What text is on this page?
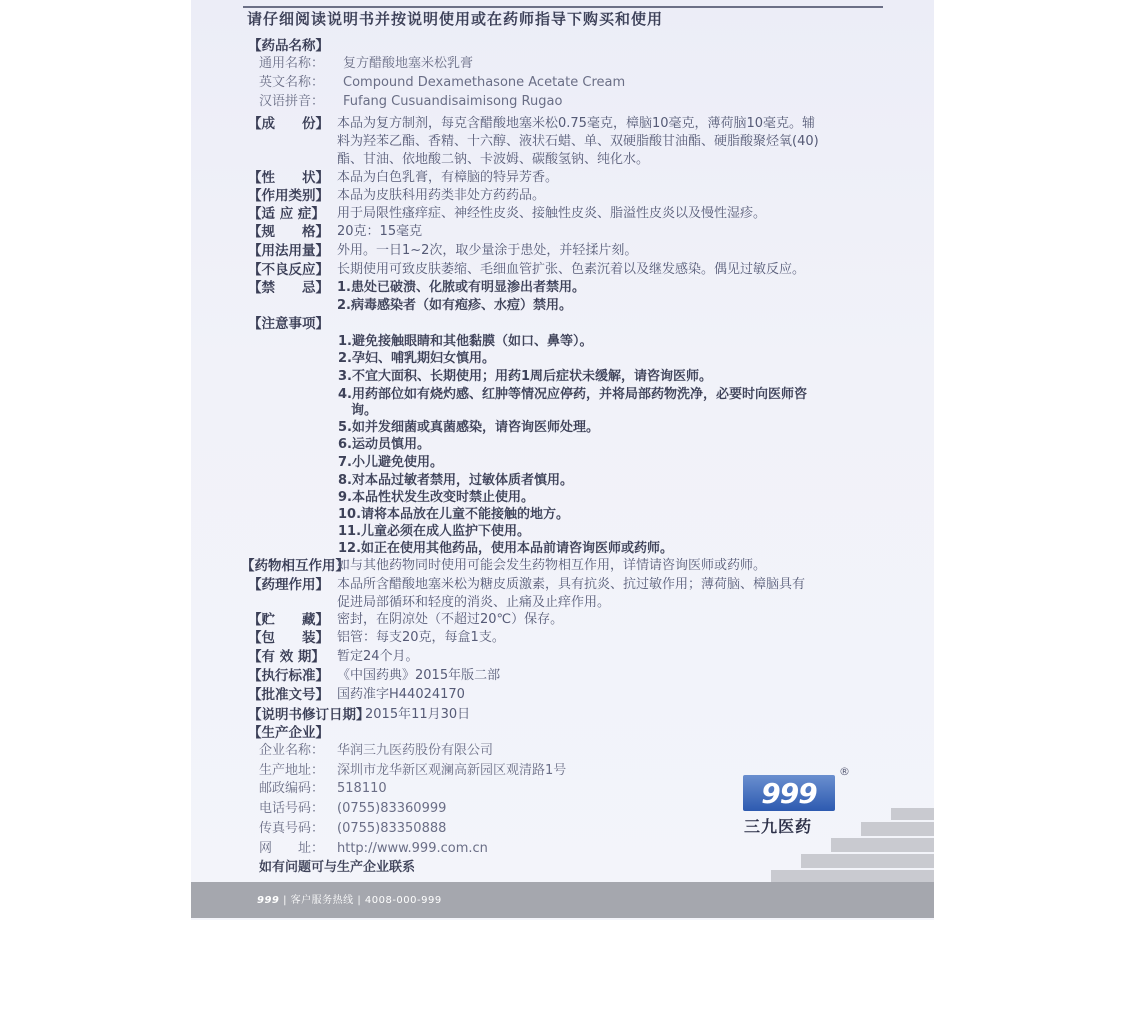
请仔细阅读说明书并按说明使用或在药师指导下购买和使用
【药品名称】
通用名称： 复方醋酸地塞米松乳膏
英文名称： Compound Dexamethasone Acetate Cream
汉语拼音： Fufang Cusuandisaimisong Rugao
【成　　份】 本品为复方制剂，每克含醋酸地塞米松0.75毫克，樟脑10毫克，薄荷脑10毫克。辅
料为羟苯乙酯、香精、十六醇、液状石蜡、单、双硬脂酸甘油酯、硬脂酸聚烃氧(40)
酯、甘油、依地酸二钠、卡波姆、碳酸氢钠、纯化水。
【性　　状】 本品为白色乳膏，有樟脑的特异芳香。
【作用类别】 本品为皮肤科用药类非处方药药品。
【适 应 症】 用于局限性瘙痒症、神经性皮炎、接触性皮炎、脂溢性皮炎以及慢性湿疹。
【规　　格】 20克：15毫克
【用法用量】 外用。一日1~2次，取少量涂于患处，并轻揉片刻。
【不良反应】 长期使用可致皮肤萎缩、毛细血管扩张、色素沉着以及继发感染。偶见过敏反应。
【禁　　忌】 1.患处已破溃、化脓或有明显渗出者禁用。
2.病毒感染者（如有疱疹、水痘）禁用。
【注意事项】
1.避免接触眼睛和其他黏膜（如口、鼻等）。
2.孕妇、哺乳期妇女慎用。
3.不宜大面积、长期使用；用药1周后症状未缓解，请咨询医师。
4.用药部位如有烧灼感、红肿等情况应停药，并将局部药物洗净，必要时向医师咨
询。
5.如并发细菌或真菌感染，请咨询医师处理。
6.运动员慎用。
7.小儿避免使用。
8.对本品过敏者禁用，过敏体质者慎用。
9.本品性状发生改变时禁止使用。
10.请将本品放在儿童不能接触的地方。
11.儿童必须在成人监护下使用。
12.如正在使用其他药品，使用本品前请咨询医师或药师。
【药物相互作用】
如与其他药物同时使用可能会发生药物相互作用，详情请咨询医师或药师。
【药理作用】 本品所含醋酸地塞米松为糖皮质激素，具有抗炎、抗过敏作用；薄荷脑、樟脑具有
促进局部循环和轻度的消炎、止痛及止痒作用。
【贮　　藏】 密封，在阴凉处（不超过20℃）保存。
【包　　装】 铝管：每支20克，每盒1支。
【有 效 期】 暂定24个月。
【执行标准】 《中国药典》2015年版二部
【批准文号】 国药准字H44024170
【说明书修订日期】
2015年11月30日
【生产企业】
企业名称： 华润三九医药股份有限公司
生产地址： 深圳市龙华新区观澜高新园区观清路1号
邮政编码： 518110
电话号码： (0755)83360999
传真号码： (0755)83350888
网　　址： http://www.999.com.cn
如有问题可与生产企业联系
999
®
三九医药
999 | 客户服务热线 | 4008-000-999
